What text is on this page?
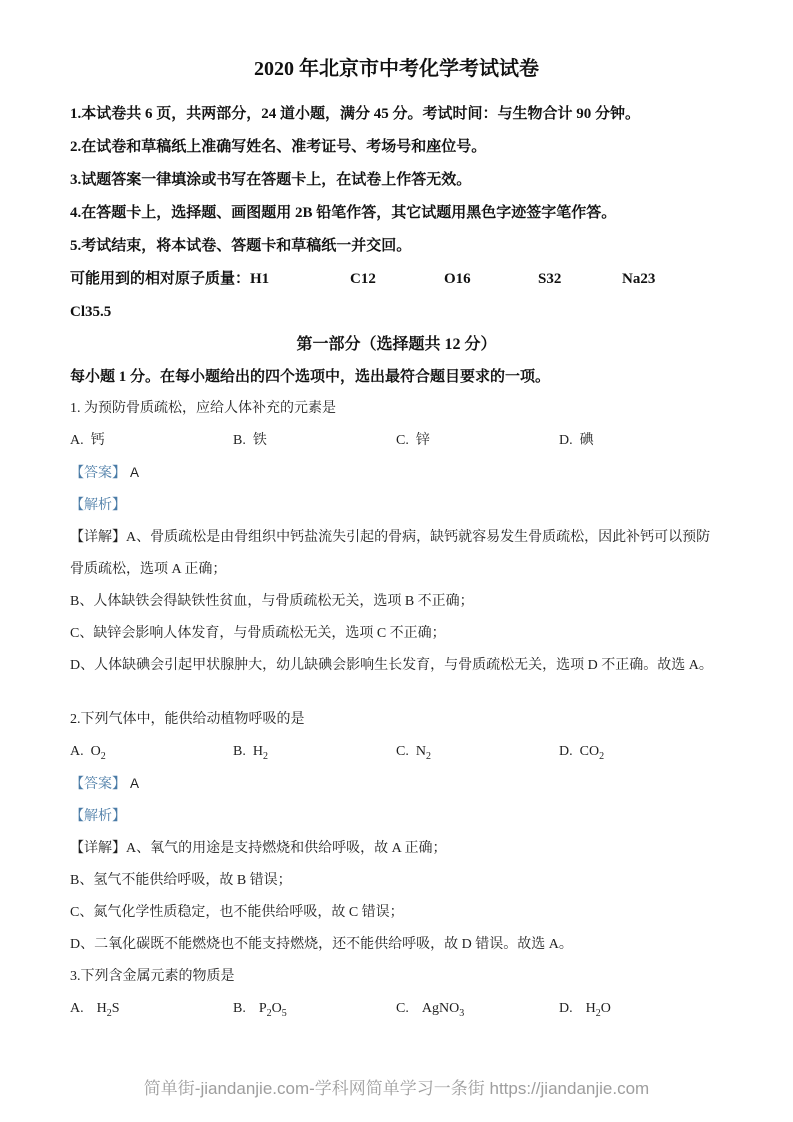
2020 年北京市中考化学考试试卷
1.本试卷共 6 页，共两部分，24 道小题，满分 45 分。考试时间：与生物合计 90 分钟。
2.在试卷和草稿纸上准确写姓名、准考证号、考场号和座位号。
3.试题答案一律填涂或书写在答题卡上，在试卷上作答无效。
4.在答题卡上，选择题、画图题用 2B 铅笔作答，其它试题用黑色字迹签字笔作答。
5.考试结束，将本试卷、答题卡和草稿纸一并交回。
可能用到的相对原子质量：H1	C12	O16	S32	Na23
Cl35.5
第一部分（选择题共 12 分）
每小题 1 分。在每小题给出的四个选项中，选出最符合题目要求的一项。
1. 为预防骨质疏松，应给人体补充的元素是
A. 钙	B. 铁	C. 锌	D. 碘
【答案】 A
【解析】
【详解】A、骨质疏松是由骨组织中钙盐流失引起的骨病，缺钙就容易发生骨质疏松，因此补钙可以预防骨质疏松，选项 A 正确；
B、人体缺铁会得缺铁性贫血，与骨质疏松无关，选项 B 不正确；
C、缺锌会影响人体发育，与骨质疏松无关，选项 C 不正确；
D、人体缺碘会引起甲状腺肿大，幼儿缺碘会影响生长发育，与骨质疏松无关，选项 D 不正确。故选 A。
2.下列气体中，能供给动植物呼吸的是
A. $O_2$	B. $H_2$	C. $N_2$	D. $CO_2$
【答案】 A
【解析】
【详解】A、氧气的用途是支持燃烧和供给呼吸，故 A 正确；
B、氢气不能供给呼吸，故 B 错误；
C、氮气化学性质稳定，也不能供给呼吸，故 C 错误；
D、二氧化碳既不能燃烧也不能支持燃烧，还不能供给呼吸，故 D 错误。故选 A。
3.下列含金属元素的物质是
A. $H_2S$	B. $P_2O_5$	C. AgNO$_3$	D. $H_2O$
简单街-jiandanjie.com-学科网简单学习一条街 https://jiandanjie.com
